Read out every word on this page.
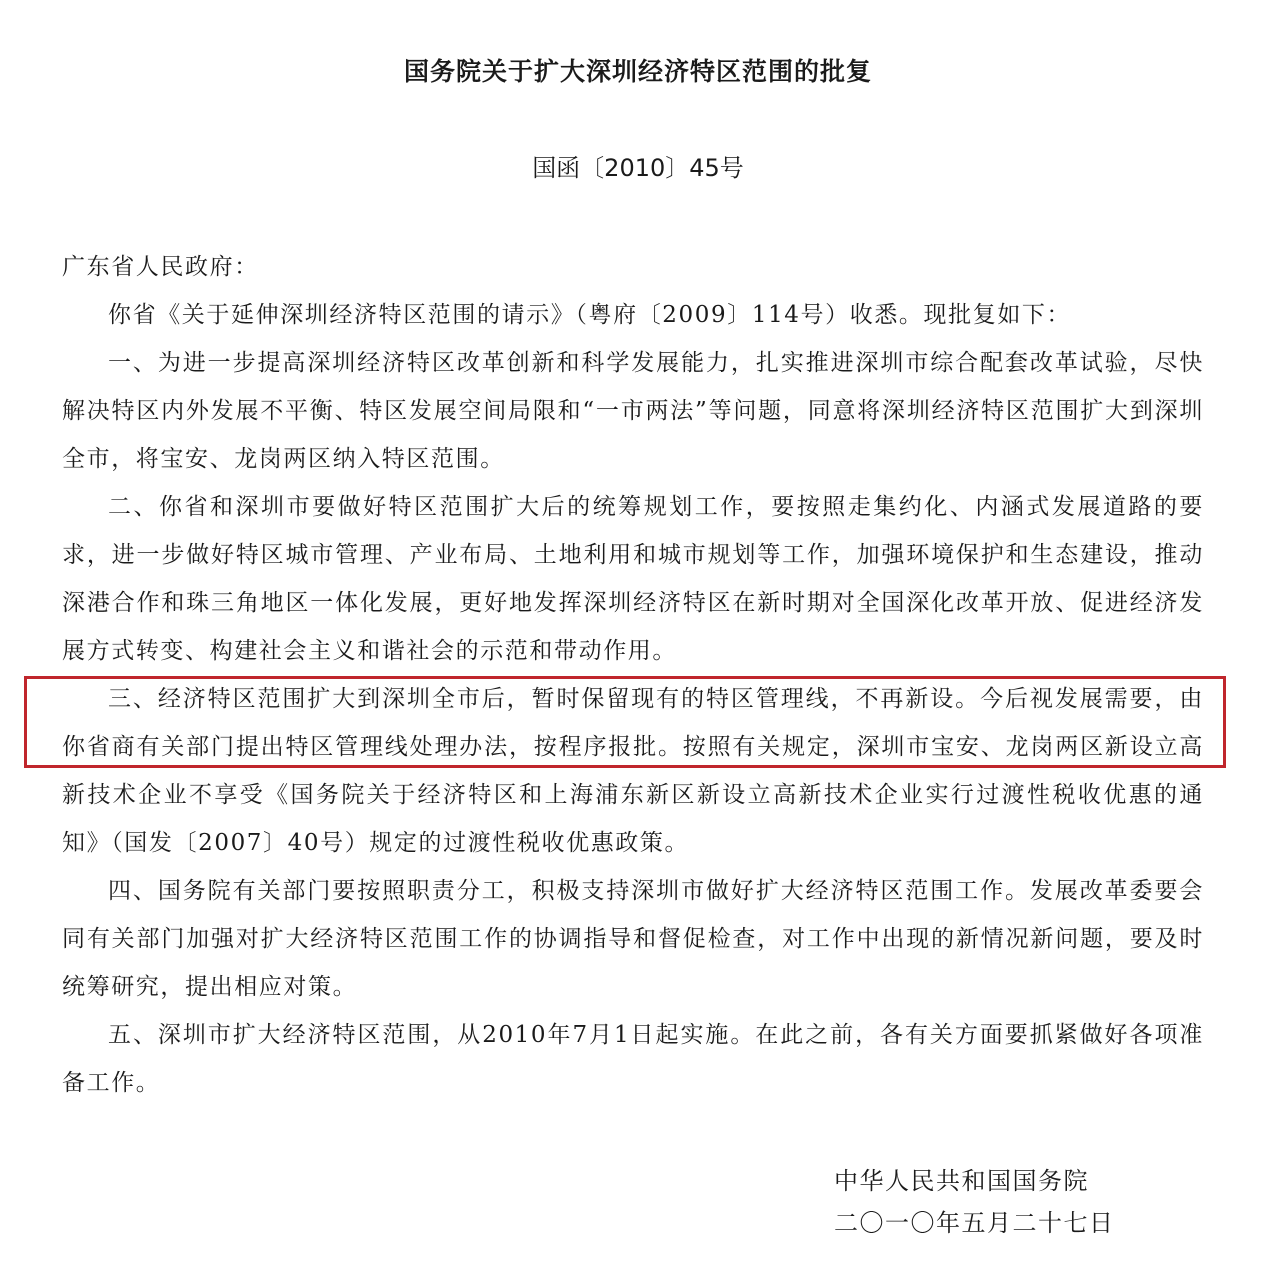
国务院关于扩大深圳经济特区范围的批复
国函〔2010〕45号

广东省人民政府：

你省《关于延伸深圳经济特区范围的请示》（粤府〔2009〕114号）收悉。现批复如下：

一、为进一步提高深圳经济特区改革创新和科学发展能力，扎实推进深圳市综合配套改革试验，尽快解决特区内外发展不平衡、特区发展空间局限和“一市两法”等问题，同意将深圳经济特区范围扩大到深圳全市，将宝安、龙岗两区纳入特区范围。

二、你省和深圳市要做好特区范围扩大后的统筹规划工作，要按照走集约化、内涵式发展道路的要求，进一步做好特区城市管理、产业布局、土地利用和城市规划等工作，加强环境保护和生态建设，推动深港合作和珠三角地区一体化发展，更好地发挥深圳经济特区在新时期对全国深化改革开放、促进经济发展方式转变、构建社会主义和谐社会的示范和带动作用。

三、经济特区范围扩大到深圳全市后，暂时保留现有的特区管理线，不再新设。今后视发展需要，由你省商有关部门提出特区管理线处理办法，按程序报批。按照有关规定，深圳市宝安、龙岗两区新设立高新技术企业不享受《国务院关于经济特区和上海浦东新区新设立高新技术企业实行过渡性税收优惠的通知》（国发〔2007〕40号）规定的过渡性税收优惠政策。

四、国务院有关部门要按照职责分工，积极支持深圳市做好扩大经济特区范围工作。发展改革委要会同有关部门加强对扩大经济特区范围工作的协调指导和督促检查，对工作中出现的新情况新问题，要及时统筹研究，提出相应对策。

五、深圳市扩大经济特区范围，从2010年7月1日起实施。在此之前，各有关方面要抓紧做好各项准备工作。

中华人民共和国国务院
二〇一〇年五月二十七日
